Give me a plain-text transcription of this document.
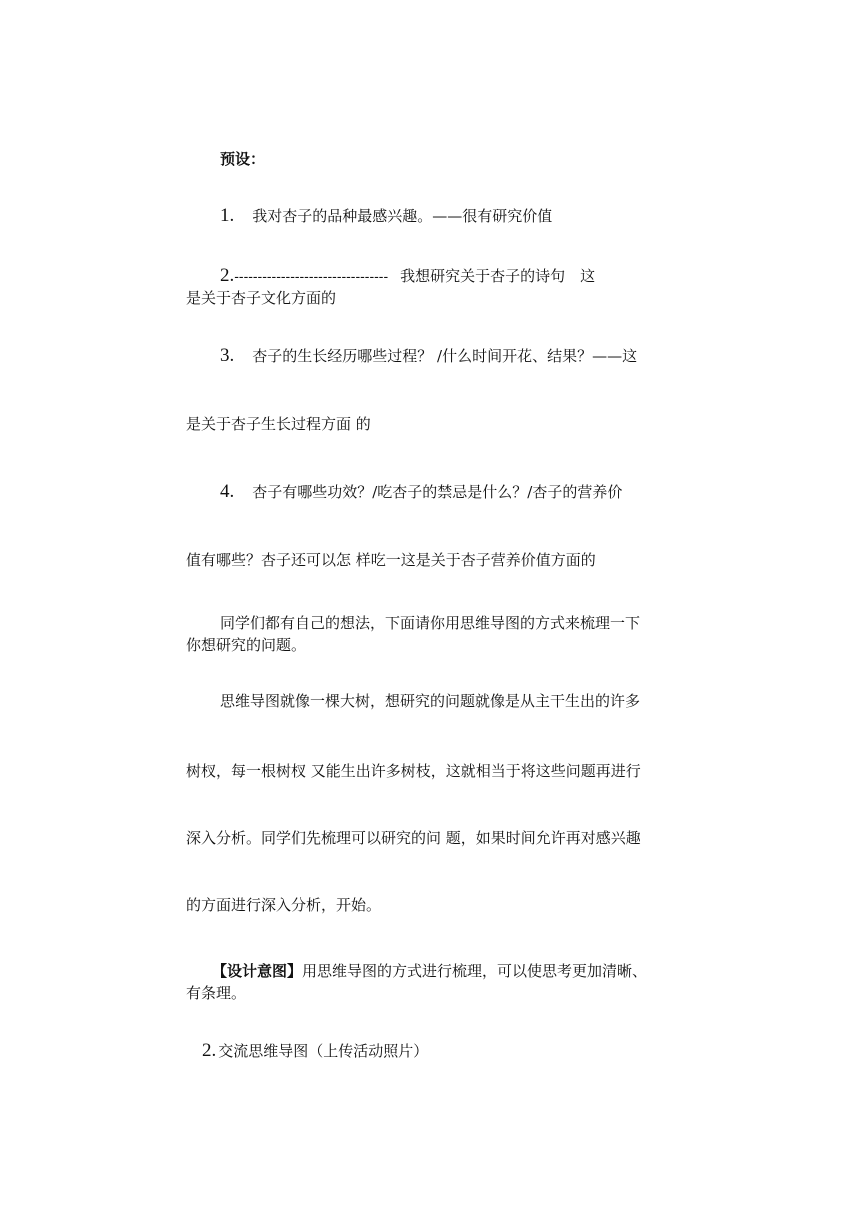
预设：
1. 我对杏子的品种最感兴趣。——很有研究价值
2.--------------------------------- 我想研究关于杏子的诗句　这
是关于杏子文化方面的
3. 杏子的生长经历哪些过程？ /什么时间开花、结果？——这
是关于杏子生长过程方面 的
4. 杏子有哪些功效？/吃杏子的禁忌是什么？/杏子的营养价
值有哪些？杏子还可以怎 样吃一这是关于杏子营养价值方面的
同学们都有自己的想法，下面请你用思维导图的方式来梳理一下
你想研究的问题。
思维导图就像一棵大树，想研究的问题就像是从主干生出的许多
树杈，每一根树杈 又能生出许多树枝，这就相当于将这些问题再进行
深入分析。同学们先梳理可以研究的问 题，如果时间允许再对感兴趣
的方面进行深入分析，开始。
【设计意图】用思维导图的方式进行梳理，可以使思考更加清晰、
有条理。
2. 交流思维导图（上传活动照片）
